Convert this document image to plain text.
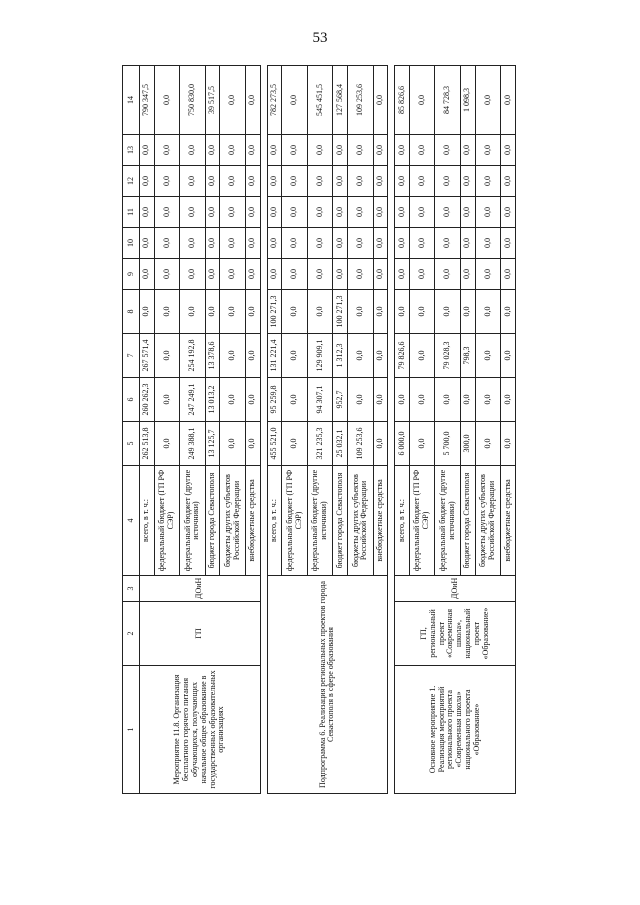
53
1	2	3	4	5	6	7	8	9	10	11	12	13	14
Мероприятие 11.8. Организация бесплатного горячего питания обучающихся, получающих начальное общее образование в государственных образовательных организациях	ГП	ДОиН	всего, в т. ч.:	262 513,8	260 262,3	267 571,4	0,0	0,0	0,0	0,0	0,0	0,0	790 347,5
			федеральный бюджет (ГП РФ СЭР)	0,0	0,0	0,0	0,0	0,0	0,0	0,0	0,0	0,0	0,0
			федеральный бюджет (другие источники)	249 388,1	247 249,1	254 192,8	0,0	0,0	0,0	0,0	0,0	0,0	750 830,0
			бюджет города Севастополя	13 125,7	13 013,2	13 378,6	0,0	0,0	0,0	0,0	0,0	0,0	39 517,5
			бюджеты других субъектов Российской Федерации	0,0	0,0	0,0	0,0	0,0	0,0	0,0	0,0	0,0	0,0
			внебюджетные средства	0,0	0,0	0,0	0,0	0,0	0,0	0,0	0,0	0,0	0,0

Подпрограмма 6. Реализация региональных проектов города Севастополя в сфере образования			всего, в т. ч.:	455 521,0	95 259,8	131 221,4	100 271,3	0,0	0,0	0,0	0,0	0,0	782 273,5
			федеральный бюджет (ГП РФ СЭР)	0,0	0,0	0,0	0,0	0,0	0,0	0,0	0,0	0,0	0,0
			федеральный бюджет (другие источники)	321 235,3	94 307,1	129 909,1	0,0	0,0	0,0	0,0	0,0	0,0	545 451,5
			бюджет города Севастополя	25 032,1	952,7	1 312,3	100 271,3	0,0	0,0	0,0	0,0	0,0	127 568,4
			бюджеты других субъектов Российской Федерации	109 253,6	0,0	0,0	0,0	0,0	0,0	0,0	0,0	0,0	109 253,6
			внебюджетные средства	0,0	0,0	0,0	0,0	0,0	0,0	0,0	0,0	0,0	0,0

Основное мероприятие 1. Реализация мероприятий регионального проекта «Современная школа» национального проекта «Образование»	ГП, региональный проект «Современная школа», национальный проект «Образование»	ДОиН	всего, в т. ч.:	6 000,0	0,0	79 826,6	0,0	0,0	0,0	0,0	0,0	0,0	85 826,6
			федеральный бюджет (ГП РФ СЭР)	0,0	0,0	0,0	0,0	0,0	0,0	0,0	0,0	0,0	0,0
			федеральный бюджет (другие источники)	5 700,0	0,0	79 028,3	0,0	0,0	0,0	0,0	0,0	0,0	84 728,3
			бюджет города Севастополя	300,0	0,0	798,3	0,0	0,0	0,0	0,0	0,0	0,0	1 098,3
			бюджеты других субъектов Российской Федерации	0,0	0,0	0,0	0,0	0,0	0,0	0,0	0,0	0,0	0,0
			внебюджетные средства	0,0	0,0	0,0	0,0	0,0	0,0	0,0	0,0	0,0	0,0
